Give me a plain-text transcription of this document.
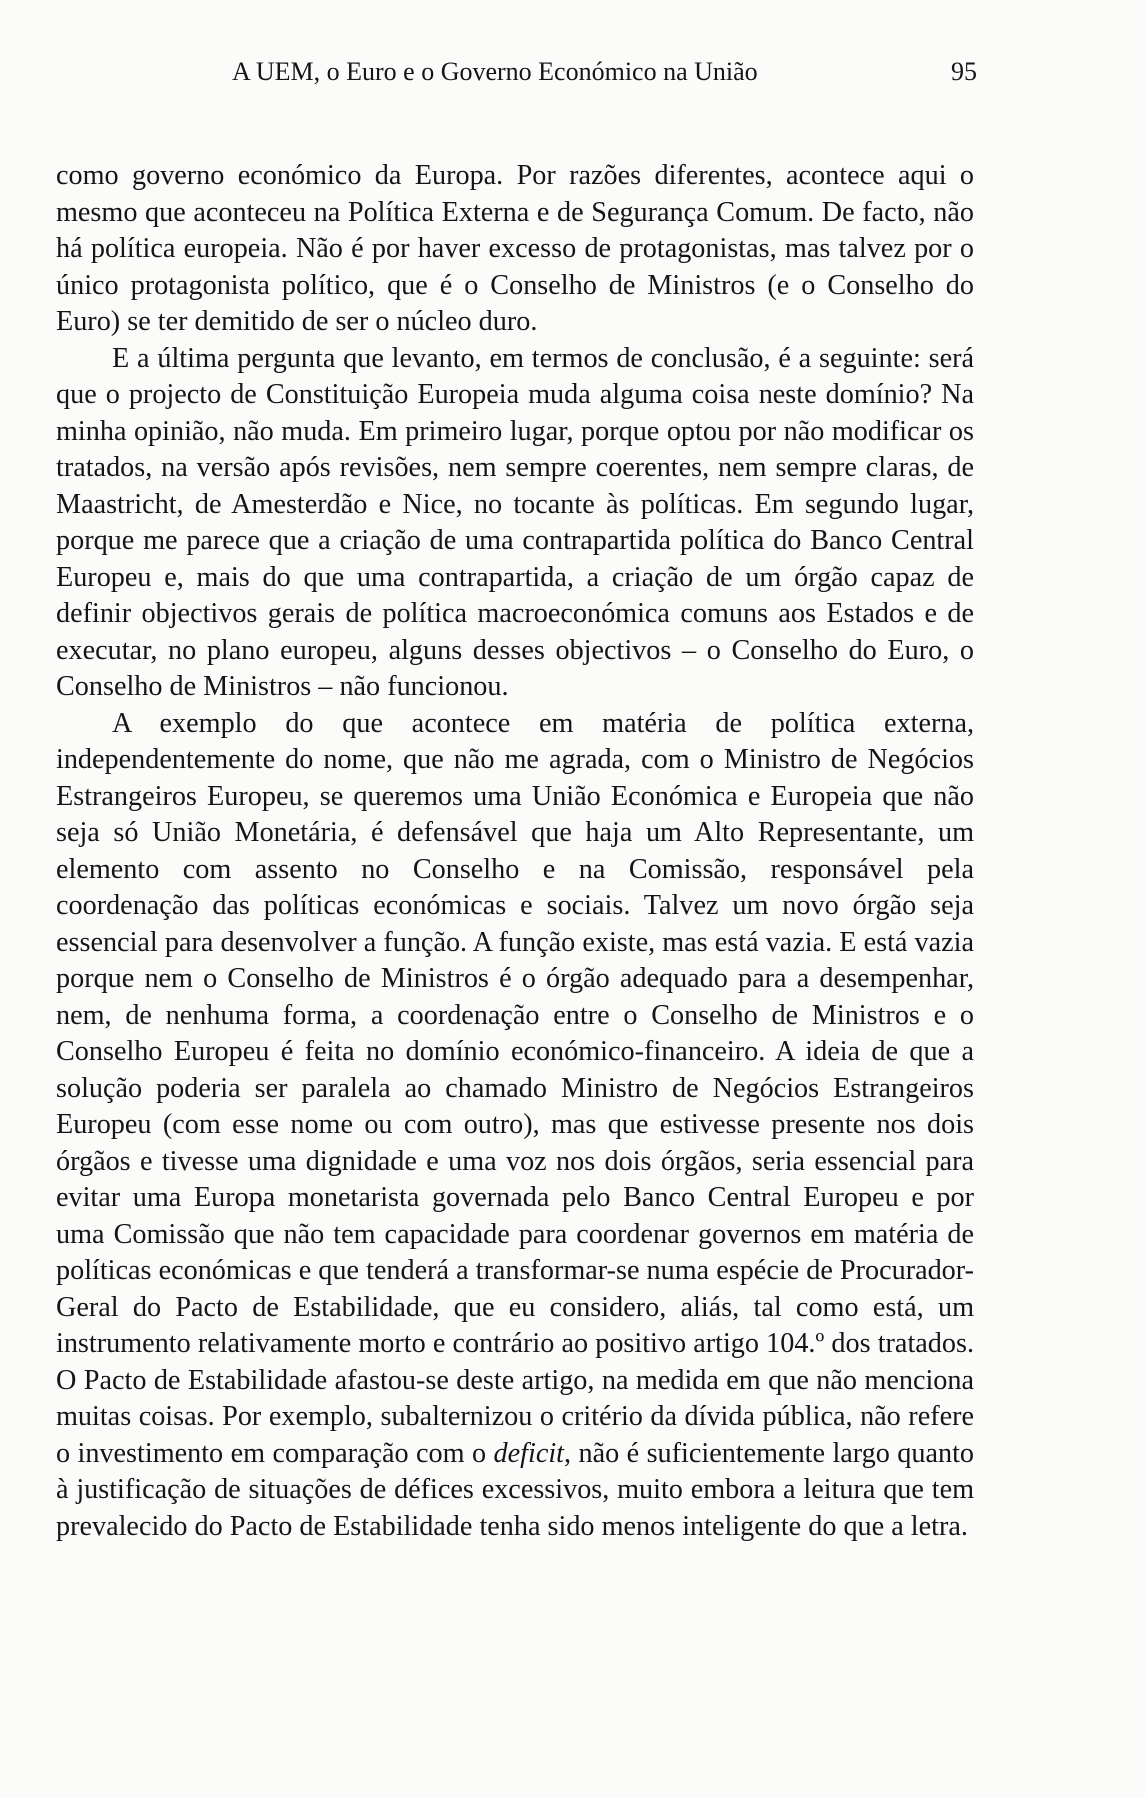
A UEM, o Euro e o Governo Económico na União	95

como governo económico da Europa. Por razões diferentes, acontece aqui o mesmo que aconteceu na Política Externa e de Segurança Comum. De facto, não há política europeia. Não é por haver excesso de protagonistas, mas talvez por o único protagonista político, que é o Conselho de Ministros (e o Conselho do Euro) se ter demitido de ser o núcleo duro.

E a última pergunta que levanto, em termos de conclusão, é a seguinte: será que o projecto de Constituição Europeia muda alguma coisa neste domínio? Na minha opinião, não muda. Em primeiro lugar, porque optou por não modificar os tratados, na versão após revisões, nem sempre coerentes, nem sempre claras, de Maastricht, de Amesterdão e Nice, no tocante às políticas. Em segundo lugar, porque me parece que a criação de uma contrapartida política do Banco Central Europeu e, mais do que uma contrapartida, a criação de um órgão capaz de definir objectivos gerais de política macroeconómica comuns aos Estados e de executar, no plano europeu, alguns desses objectivos – o Conselho do Euro, o Conselho de Ministros – não funcionou.

A exemplo do que acontece em matéria de política externa, independentemente do nome, que não me agrada, com o Ministro de Negócios Estrangeiros Europeu, se queremos uma União Económica e Europeia que não seja só União Monetária, é defensável que haja um Alto Representante, um elemento com assento no Conselho e na Comissão, responsável pela coordenação das políticas económicas e sociais. Talvez um novo órgão seja essencial para desenvolver a função. A função existe, mas está vazia. E está vazia porque nem o Conselho de Ministros é o órgão adequado para a desempenhar, nem, de nenhuma forma, a coordenação entre o Conselho de Ministros e o Conselho Europeu é feita no domínio económico-financeiro. A ideia de que a solução poderia ser paralela ao chamado Ministro de Negócios Estrangeiros Europeu (com esse nome ou com outro), mas que estivesse presente nos dois órgãos e tivesse uma dignidade e uma voz nos dois órgãos, seria essencial para evitar uma Europa monetarista governada pelo Banco Central Europeu e por uma Comissão que não tem capacidade para coordenar governos em matéria de políticas económicas e que tenderá a transformar-se numa espécie de Procurador-Geral do Pacto de Estabilidade, que eu considero, aliás, tal como está, um instrumento relativamente morto e contrário ao positivo artigo 104.º dos tratados. O Pacto de Estabilidade afastou-se deste artigo, na medida em que não menciona muitas coisas. Por exemplo, subalternizou o critério da dívida pública, não refere o investimento em comparação com o deficit, não é suficientemente largo quanto à justificação de situações de défices excessivos, muito embora a leitura que tem prevalecido do Pacto de Estabilidade tenha sido menos inteligente do que a letra.
